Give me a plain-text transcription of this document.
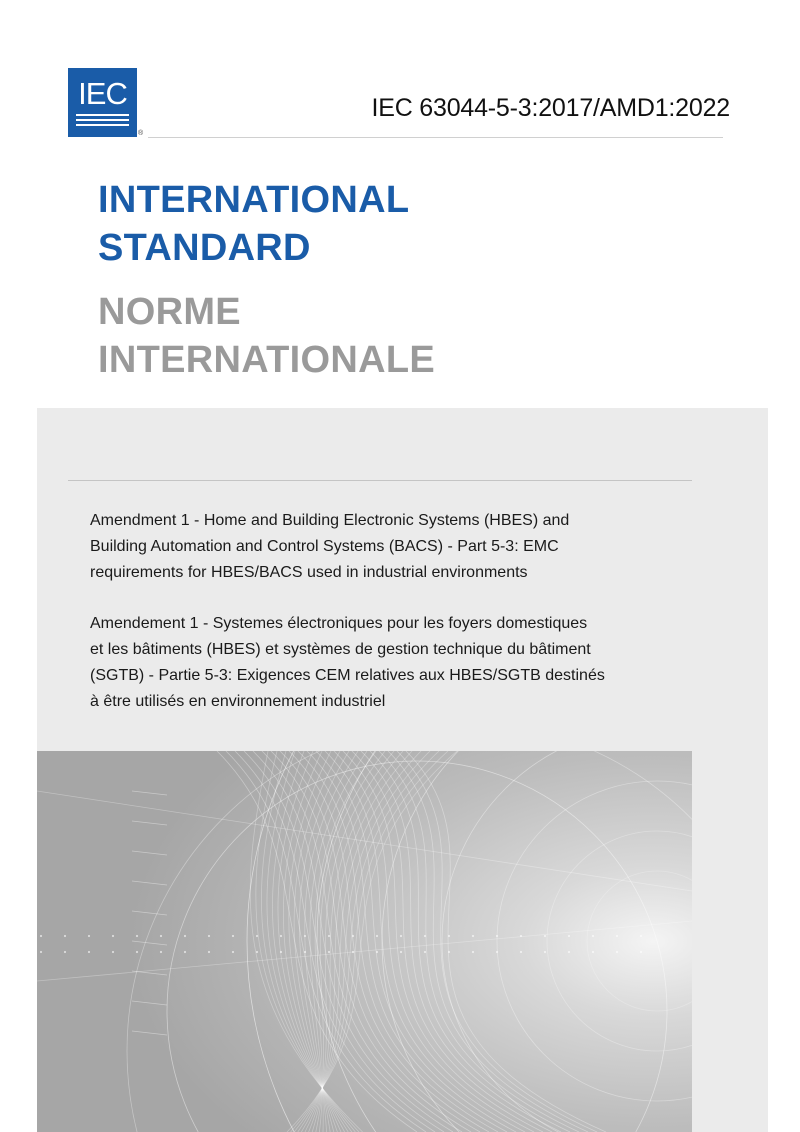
IEC
®
IEC 63044-5-3:2017/AMD1:2022
INTERNATIONAL
STANDARD
NORME
INTERNATIONALE

Amendment 1 - Home and Building Electronic Systems (HBES) and
Building Automation and Control Systems (BACS) - Part 5-3: EMC
requirements for HBES/BACS used in industrial environments

Amendement 1 - Systemes électroniques pour les foyers domestiques
et les bâtiments (HBES) et systèmes de gestion technique du bâtiment
(SGTB) - Partie 5-3: Exigences CEM relatives aux HBES/SGTB destinés
à être utilisés en environnement industriel
